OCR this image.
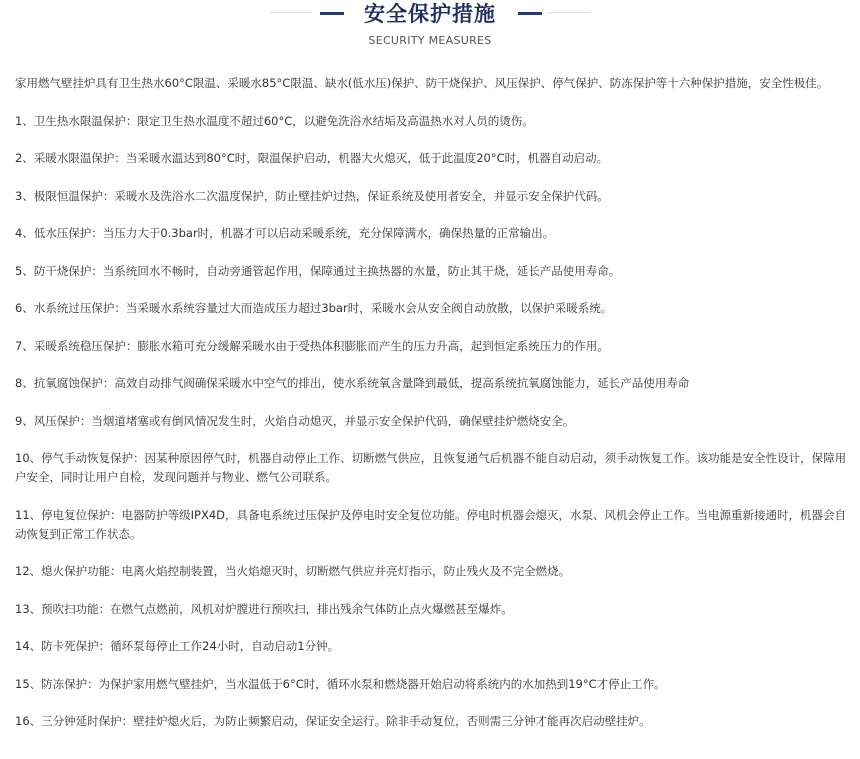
安全保护措施
SECURITY MEASURES

家用燃气壁挂炉具有卫生热水60°C限温、采暖水85°C限温、缺水(低水压)保护、防干烧保护、风压保护、停气保护、防冻保护等十六种保护措施，安全性极佳。

1、卫生热水限温保护：限定卫生热水温度不超过60°C，以避免洗浴水结垢及高温热水对人员的烫伤。

2、采暖水限温保护：当采暖水温达到80°C时，限温保护启动，机器大火熄灭，低于此温度20°C时，机器自动启动。

3、极限恒温保护：采暖水及洗浴水二次温度保护，防止壁挂炉过热，保证系统及使用者安全，并显示安全保护代码。

4、低水压保护：当压力大于0.3bar时，机器才可以启动采暖系统，充分保障满水，确保热量的正常输出。

5、防干烧保护：当系统回水不畅时，自动旁通管起作用，保障通过主换热器的水量，防止其干烧，延长产品使用寿命。

6、水系统过压保护：当采暖水系统容量过大而造成压力超过3bar时，采暖水会从安全阀自动放散，以保护采暖系统。

7、采暖系统稳压保护：膨胀水箱可充分缓解采暖水由于受热体积膨胀而产生的压力升高，起到恒定系统压力的作用。

8、抗氧腐蚀保护：高效自动排气阀确保采暖水中空气的排出，使水系统氧含量降到最低，提高系统抗氧腐蚀能力，延长产品使用寿命

9、风压保护：当烟道堵塞或有倒风情况发生时，火焰自动熄灭，并显示安全保护代码，确保壁挂炉燃烧安全。

10、停气手动恢复保护：因某种原因停气时，机器自动停止工作、切断燃气供应，且恢复通气后机器不能自动启动，须手动恢复工作。该功能是安全性设计，保障用户安全，同时让用户自检，发现问题并与物业、燃气公司联系。

11、停电复位保护：电器防护等级IPX4D，具备电系统过压保护及停电时安全复位功能。停电时机器会熄灭，水泵、风机会停止工作。当电源重新接通时，机器会自动恢复到正常工作状态。

12、熄火保护功能：电离火焰控制装置，当火焰熄灭时，切断燃气供应并亮灯指示，防止残火及不完全燃烧。

13、预吹扫功能：在燃气点燃前，风机对炉膛进行预吹扫，排出残余气体防止点火爆燃甚至爆炸。

14、防卡死保护：循环泵每停止工作24小时，自动启动1分钟。

15、防冻保护：为保护家用燃气壁挂炉，当水温低于6°C时，循环水泵和燃烧器开始启动将系统内的水加热到19°C才停止工作。

16、三分钟延时保护：壁挂炉熄火后，为防止频繁启动，保证安全运行。除非手动复位，否则需三分钟才能再次启动壁挂炉。
